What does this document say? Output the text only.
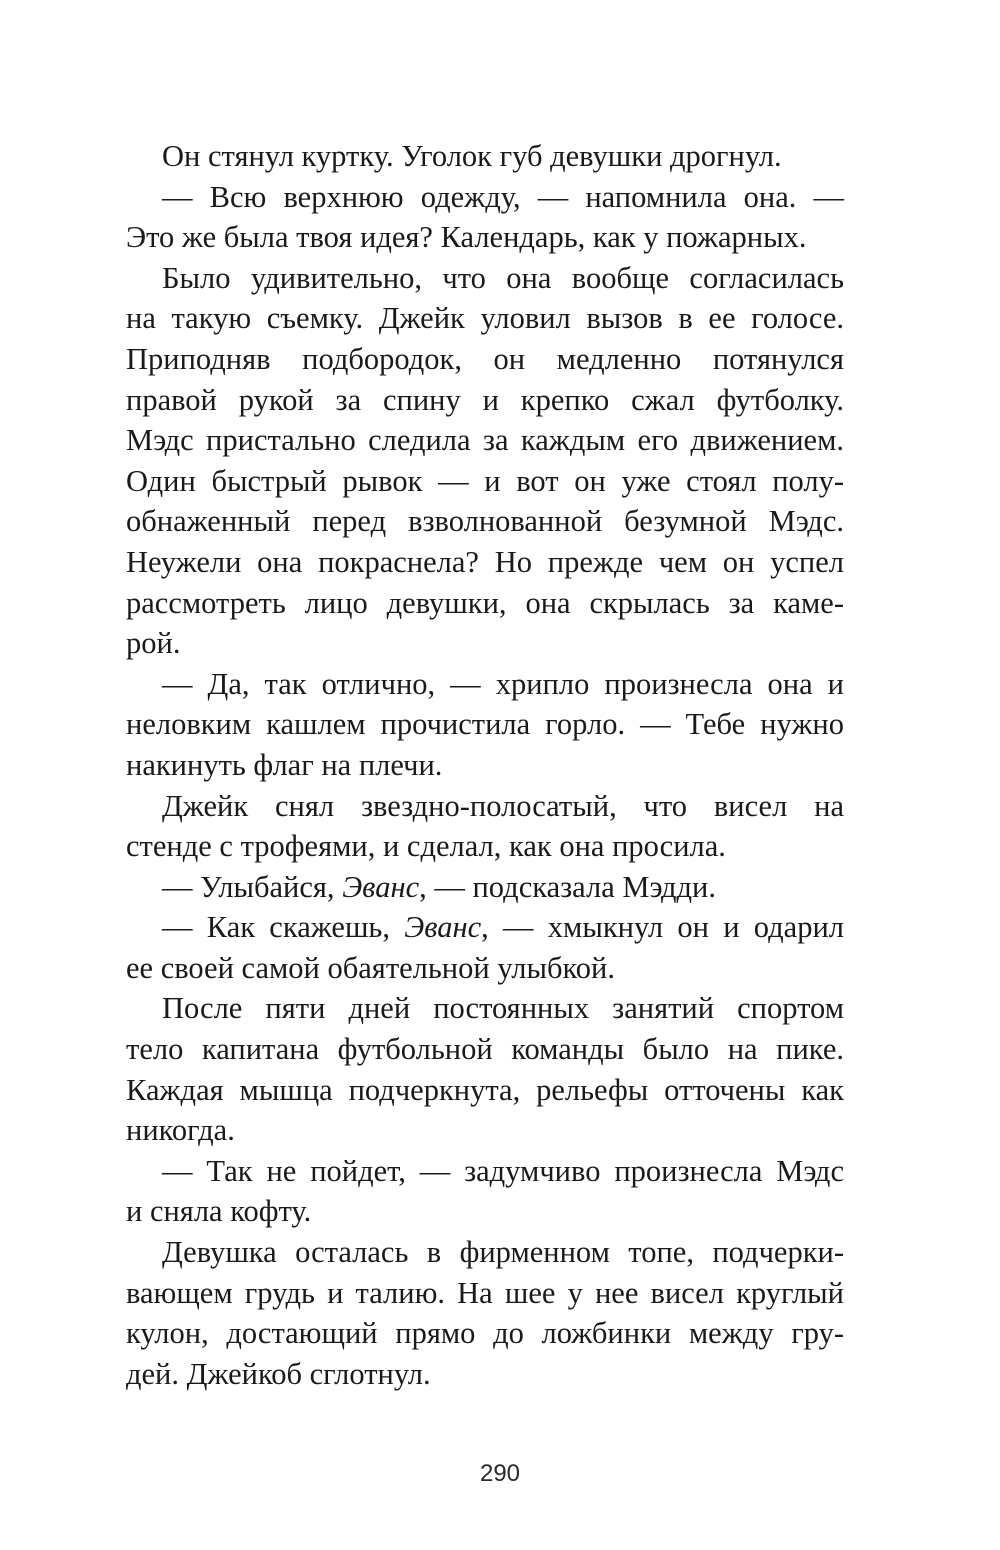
Он стянул куртку. Уголок губ девушки дрогнул.
— Всю верхнюю одежду, — напомнила она. —
Это же была твоя идея? Календарь, как у пожарных.
Было удивительно, что она вообще согласилась
на такую съемку. Джейк уловил вызов в ее голосе.
Приподняв подбородок, он медленно потянулся
правой рукой за спину и крепко сжал футболку.
Мэдс пристально следила за каждым его движением.
Один быстрый рывок — и вот он уже стоял полу-
обнаженный перед взволнованной безумной Мэдс.
Неужели она покраснела? Но прежде чем он успел
рассмотреть лицо девушки, она скрылась за каме-
рой.
— Да, так отлично, — хрипло произнесла она и
неловким кашлем прочистила горло. — Тебе нужно
накинуть флаг на плечи.
Джейк снял звездно-полосатый, что висел на
стенде с трофеями, и сделал, как она просила.
— Улыбайся, Эванс, — подсказала Мэдди.
— Как скажешь, Эванс, — хмыкнул он и одарил
ее своей самой обаятельной улыбкой.
После пяти дней постоянных занятий спортом
тело капитана футбольной команды было на пике.
Каждая мышца подчеркнута, рельефы отточены как
никогда.
— Так не пойдет, — задумчиво произнесла Мэдс
и сняла кофту.
Девушка осталась в фирменном топе, подчерки-
вающем грудь и талию. На шее у нее висел круглый
кулон, достающий прямо до ложбинки между гру-
дей. Джейкоб сглотнул.
290
